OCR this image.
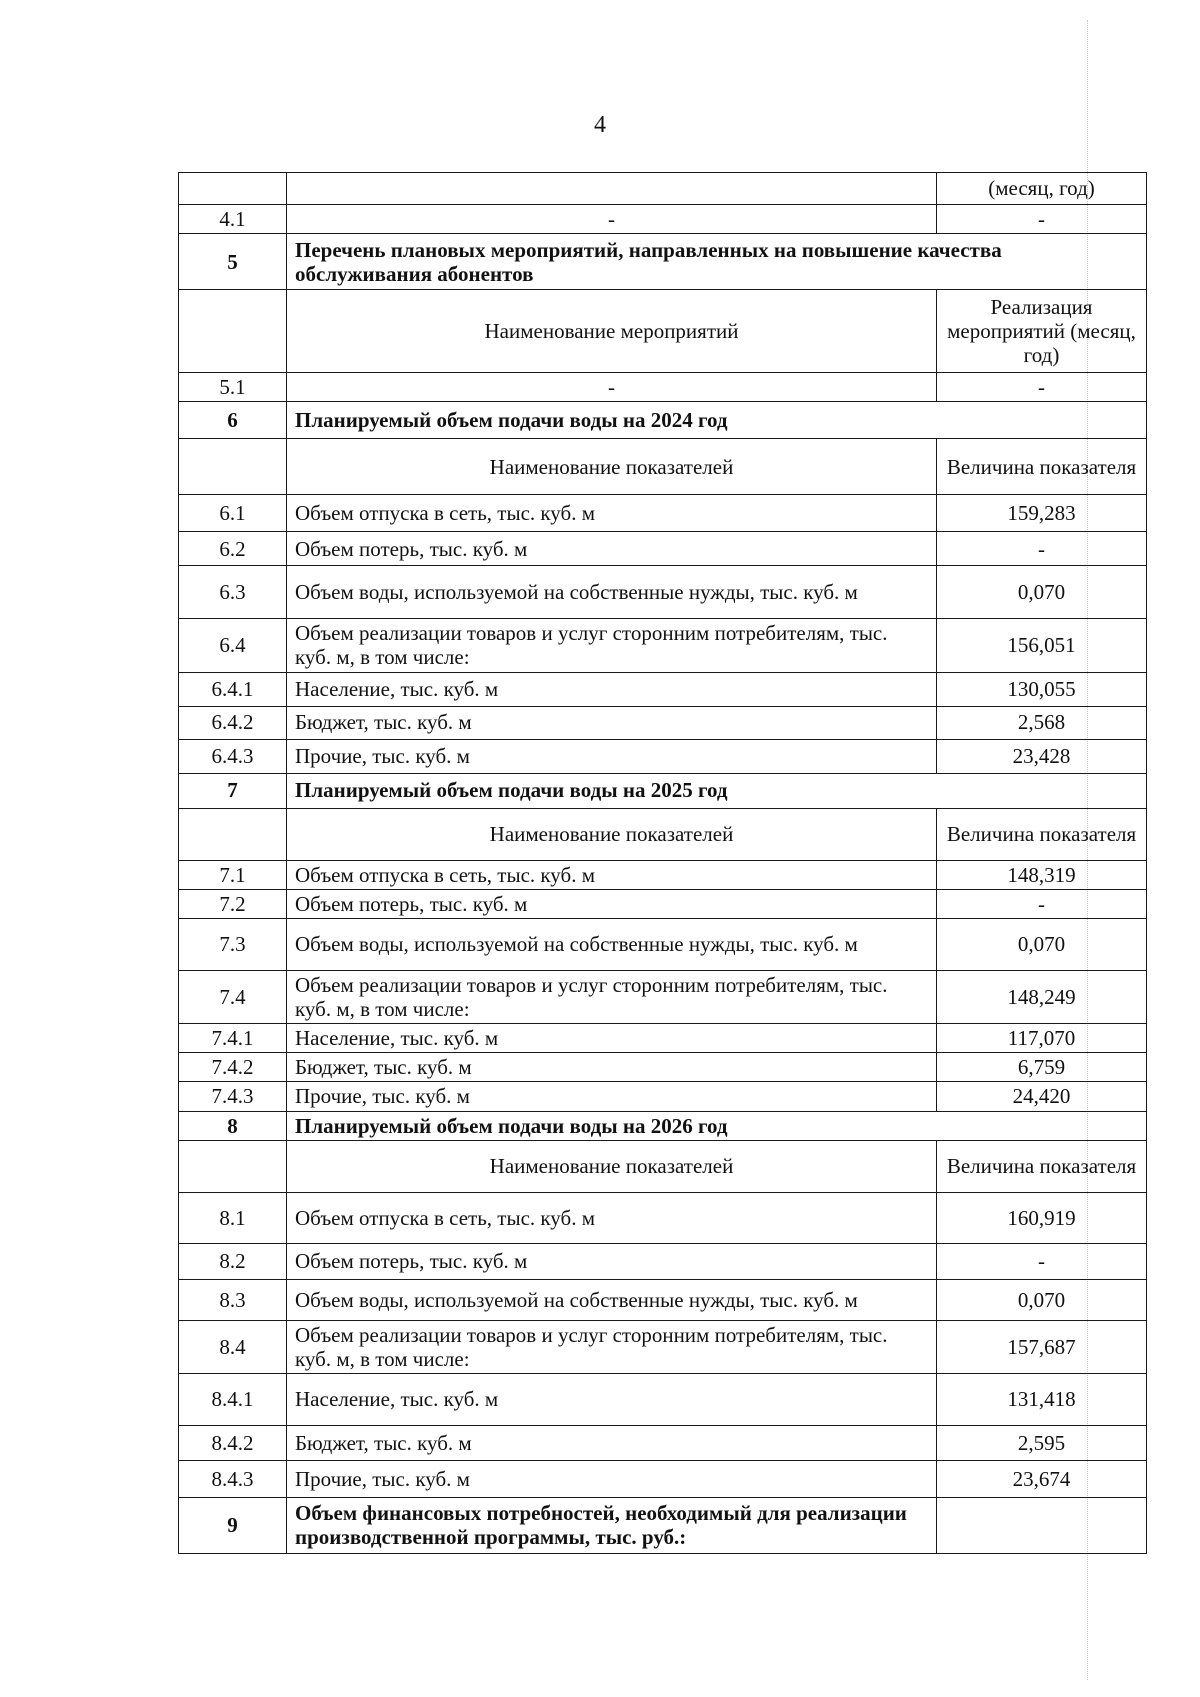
4
		(месяц, год)
4.1	-	-
5	Перечень плановых мероприятий, направленных на повышение качества обслуживания абонентов	
	Наименование мероприятий	Реализация мероприятий (месяц, год)
5.1	-	-
6	Планируемый объем подачи воды на 2024 год	
	Наименование показателей	Величина показателя
6.1	Объем отпуска в сеть, тыс. куб. м	159,283
6.2	Объем потерь, тыс. куб. м	-
6.3	Объем воды, используемой на собственные нужды, тыс. куб. м	0,070
6.4	Объем реализации товаров и услуг сторонним потребителям, тыс. куб. м, в том числе:	156,051
6.4.1	Население, тыс. куб. м	130,055
6.4.2	Бюджет, тыс. куб. м	2,568
6.4.3	Прочие, тыс. куб. м	23,428
7	Планируемый объем подачи воды на 2025 год	
	Наименование показателей	Величина показателя
7.1	Объем отпуска в сеть, тыс. куб. м	148,319
7.2	Объем потерь, тыс. куб. м	-
7.3	Объем воды, используемой на собственные нужды, тыс. куб. м	0,070
7.4	Объем реализации товаров и услуг сторонним потребителям, тыс. куб. м, в том числе:	148,249
7.4.1	Население, тыс. куб. м	117,070
7.4.2	Бюджет, тыс. куб. м	6,759
7.4.3	Прочие, тыс. куб. м	24,420
8	Планируемый объем подачи воды на 2026 год	
	Наименование показателей	Величина показателя
8.1	Объем отпуска в сеть, тыс. куб. м	160,919
8.2	Объем потерь, тыс. куб. м	-
8.3	Объем воды, используемой на собственные нужды, тыс. куб. м	0,070
8.4	Объем реализации товаров и услуг сторонним потребителям, тыс. куб. м, в том числе:	157,687
8.4.1	Население, тыс. куб. м	131,418
8.4.2	Бюджет, тыс. куб. м	2,595
8.4.3	Прочие, тыс. куб. м	23,674
9	Объем финансовых потребностей, необходимый для реализации производственной программы, тыс. руб.:	
